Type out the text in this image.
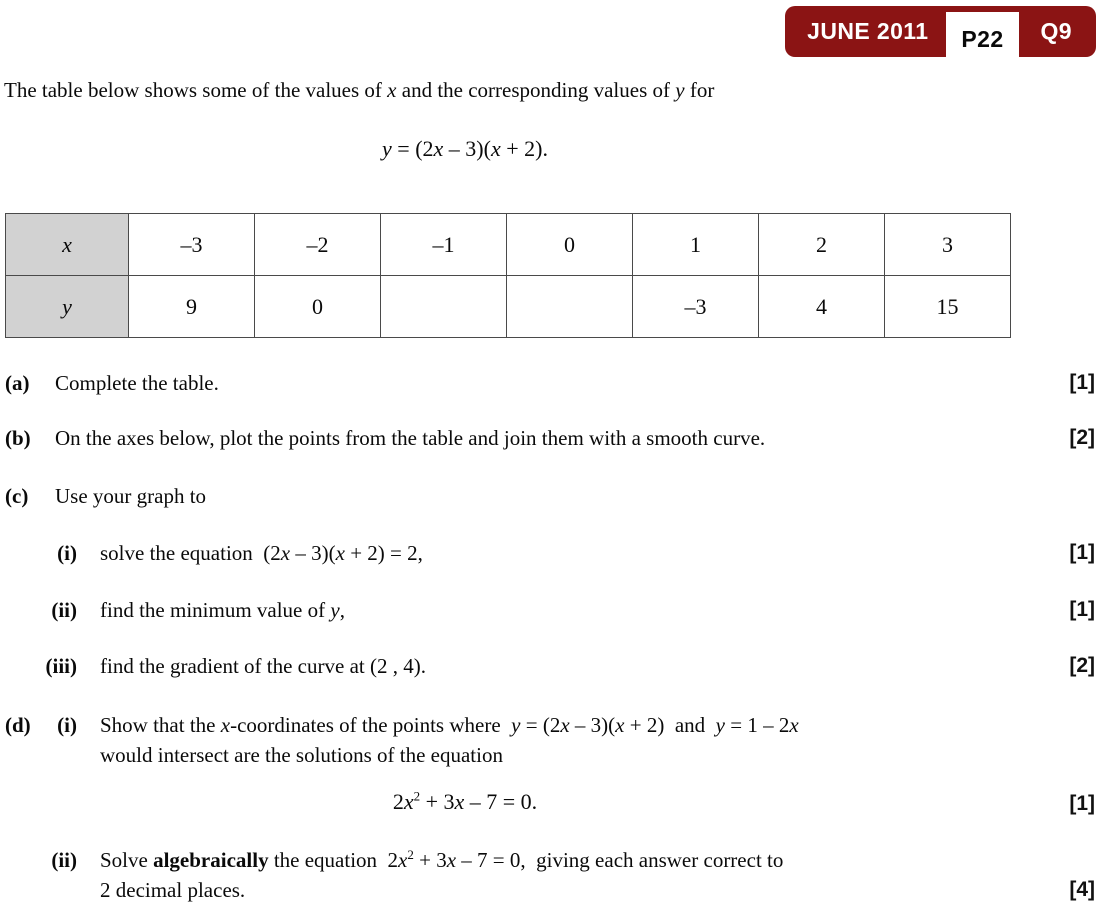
JUNE 2011	P22	Q9

The table below shows some of the values of x and the corresponding values of y for

y = (2x – 3)(x + 2).
x	–3	–2	–1	0	1	2	3
y	9	0			–3	4	15
(a)	Complete the table.	[1]
(b)	On the axes below, plot the points from the table and join them with a smooth curve.	[2]
(c)	Use your graph to
(i) solve the equation  (2x – 3)(x + 2) = 2,	[1]
(ii) find the minimum value of y,	[1]
(iii) find the gradient of the curve at (2 , 4).	[2]
(d)	(i) Show that the x-coordinates of the points where  y = (2x – 3)(x + 2)  and  y = 1 – 2x
would intersect are the solutions of the equation
$2x^2 + 3x - 7 = 0$.	[1]
(ii) Solve algebraically the equation  $2x^2 + 3x - 7 = 0$,  giving each answer correct to
2 decimal places.	[4]
